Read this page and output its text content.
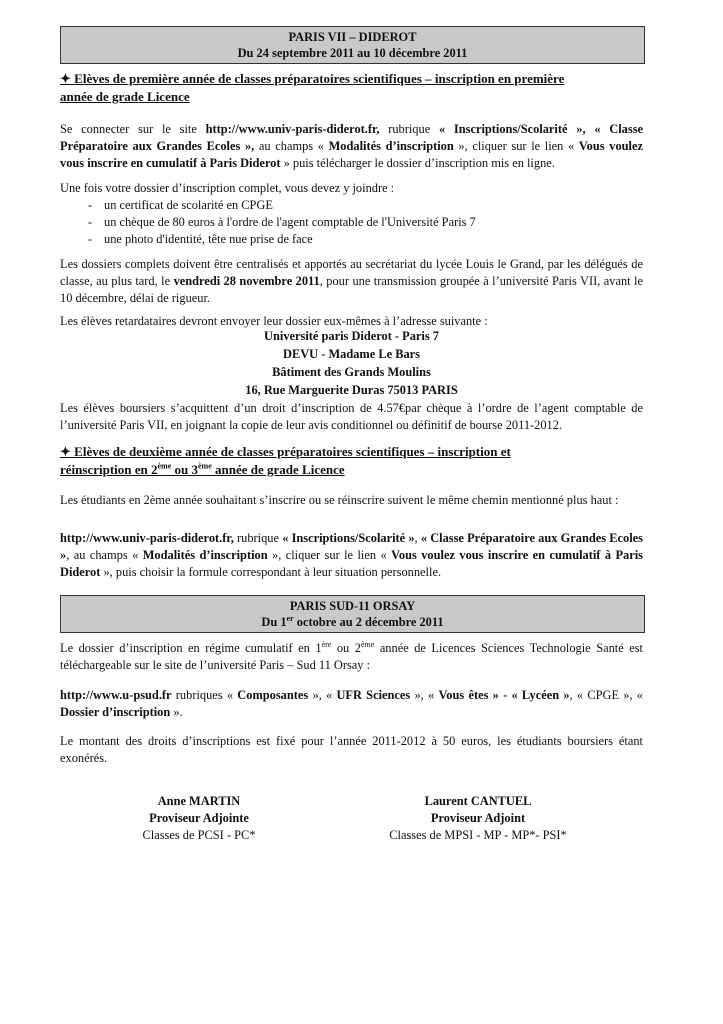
PARIS VII – DIDEROT
Du 24 septembre 2011 au 10 décembre 2011
✦ Elèves de première année de classes préparatoires scientifiques – inscription en première
année de grade Licence

Se connecter sur le site http://www.univ-paris-diderot.fr, rubrique « Inscriptions/Scolarité », « Classe Préparatoire aux Grandes Ecoles », au champs « Modalités d’inscription », cliquer sur le lien « Vous voulez vous inscrire en cumulatif à Paris Diderot » puis télécharger le dossier d’inscription mis en ligne.

Une fois votre dossier d’inscription complet, vous devez y joindre :

- un certificat de scolarité en CPGE
- un chèque de 80 euros à l'ordre de l'agent comptable de l'Université Paris 7
- une photo d'identité, tête nue prise de face

Les dossiers complets doivent être centralisés et apportés au secrétariat du lycée Louis le Grand, par les délégués de classe, au plus tard, le vendredi 28 novembre 2011, pour une transmission groupée à l’université Paris VII, avant le 10 décembre, délai de rigueur.

Les élèves retardataires devront envoyer leur dossier eux-mêmes à l’adresse suivante :

Université paris Diderot - Paris 7
DEVU - Madame Le Bars
Bâtiment des Grands Moulins
16, Rue Marguerite Duras 75013 PARIS

Les élèves boursiers s’acquittent d’un droit d’inscription de 4.57€par chèque à l’ordre de l’agent comptable de l’université Paris VII, en joignant la copie de leur avis conditionnel ou définitif de bourse 2011-2012.

✦ Elèves de deuxième année de classes préparatoires scientifiques – inscription et
réinscription en 2ème ou 3ème année de grade Licence

Les étudiants en 2ème année souhaitant s’inscrire ou se réinscrire suivent le même chemin mentionné plus haut :

http://www.univ-paris-diderot.fr, rubrique « Inscriptions/Scolarité », « Classe Préparatoire aux Grandes Ecoles », au champs « Modalités d’inscription », cliquer sur le lien « Vous voulez vous inscrire en cumulatif à Paris Diderot », puis choisir la formule correspondant à leur situation personnelle.

PARIS SUD-11 ORSAY
Du 1er octobre au 2 décembre 2011

Le dossier d’inscription en régime cumulatif en 1ère ou 2ème année de Licences Sciences Technologie Santé est téléchargeable sur le site de l’université Paris – Sud 11 Orsay :

http://www.u-psud.fr rubriques « Composantes », « UFR Sciences », « Vous êtes » - « Lycéen », « CPGE », « Dossier d’inscription ».

Le montant des droits d’inscriptions est fixé pour l’année 2011-2012 à 50 euros, les étudiants boursiers étant exonérés.

Anne MARTIN
Proviseur Adjointe
Classes de PCSI - PC*
Laurent CANTUEL
Proviseur Adjoint
Classes de MPSI - MP - MP*- PSI*
